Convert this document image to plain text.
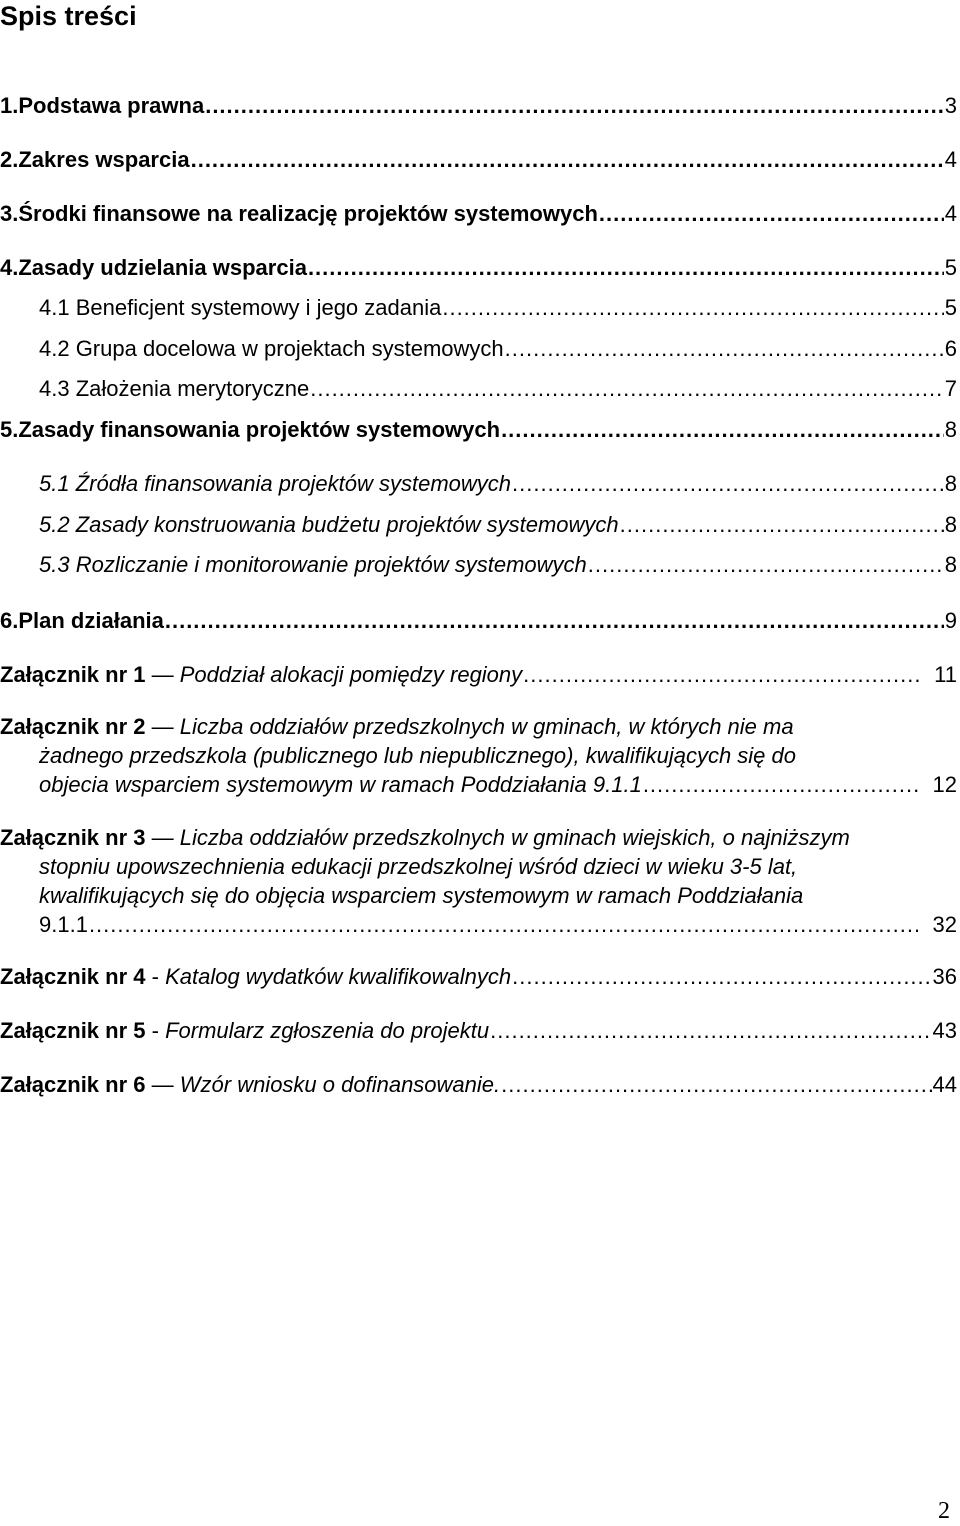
Spis treści
1. Podstawa prawna .....	3
2. Zakres wsparcia .....	4
3. Środki finansowe na realizację projektów systemowych .....	4
4. Zasady udzielania wsparcia .....	5
4.1 Beneficjent systemowy i jego zadania .....	5
4.2 Grupa docelowa w projektach systemowych .....	6
4.3 Założenia merytoryczne .....	7
5. Zasady finansowania projektów systemowych .....	8
5.1 Źródła finansowania projektów systemowych .....	8
5.2 Zasady konstruowania budżetu projektów systemowych .....	8
5.3 Rozliczanie i monitorowanie projektów systemowych .....	8
6. Plan działania .....	9
Załącznik nr 1 — Poddział alokacji pomiędzy regiony .....	11
Załącznik nr 2 — Liczba oddziałów przedszkolnych w gminach, w których nie ma
żadnego przedszkola (publicznego lub niepublicznego), kwalifikujących się do
objecia wsparciem systemowym w ramach Poddziałania 9.1.1 .....	12
Załącznik nr 3 — Liczba oddziałów przedszkolnych w gminach wiejskich, o najniższym
stopniu upowszechnienia edukacji przedszkolnej wśród dzieci w wieku 3-5 lat,
kwalifikujących się do objęcia wsparciem systemowym w ramach Poddziałania
9.1.1 .....	32
Załącznik nr 4 - Katalog wydatków kwalifikowalnych .....	36
Załącznik nr 5 - Formularz zgłoszenia do projektu .....	43
Załącznik nr 6 — Wzór wniosku o dofinansowanie. .....	44
2
